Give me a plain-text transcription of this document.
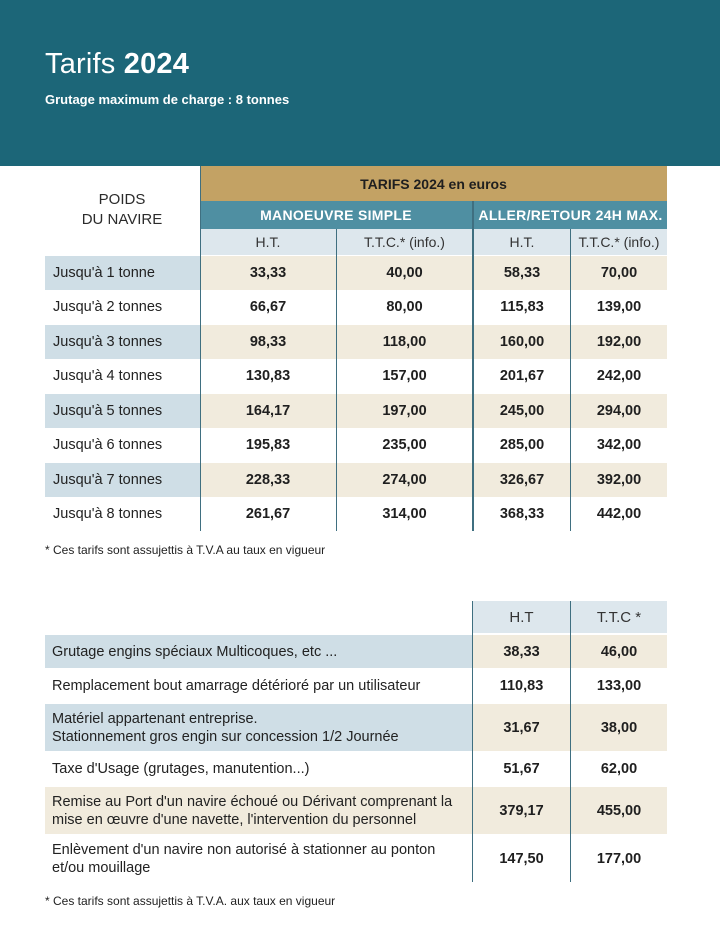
Tarifs 2024
Grutage maximum de charge : 8 tonnes
POIDS
DU NAVIRE
TARIFS 2024 en euros
MANOEUVRE SIMPLE	ALLER/RETOUR 24H MAX.
H.T.	T.T.C.* (info.)	H.T.	T.T.C.* (info.)
Jusqu'à 1 tonne	33,33	40,00	58,33	70,00
Jusqu'à 2 tonnes	66,67	80,00	115,83	139,00
Jusqu'à 3 tonnes	98,33	118,00	160,00	192,00
Jusqu'à 4 tonnes	130,83	157,00	201,67	242,00
Jusqu'à 5 tonnes	164,17	197,00	245,00	294,00
Jusqu'à 6 tonnes	195,83	235,00	285,00	342,00
Jusqu'à 7 tonnes	228,33	274,00	326,67	392,00
Jusqu'à 8 tonnes	261,67	314,00	368,33	442,00
* Ces tarifs sont assujettis à T.V.A au taux en vigueur
H.T	T.T.C *
Grutage engins spéciaux Multicoques, etc ...	38,33	46,00
Remplacement bout amarrage détérioré par un utilisateur	110,83	133,00
Matériel appartenant entreprise.
Stationnement gros engin sur concession 1/2 Journée
31,67	38,00
Taxe d'Usage (grutages, manutention...)	51,67	62,00
Remise au Port d'un navire échoué ou Dérivant comprenant la
mise en œuvre d'une navette, l'intervention du personnel
379,17	455,00
Enlèvement d'un navire non autorisé à stationner au ponton
et/ou mouillage
147,50	177,00
* Ces tarifs sont assujettis à T.V.A. aux taux en vigueur
